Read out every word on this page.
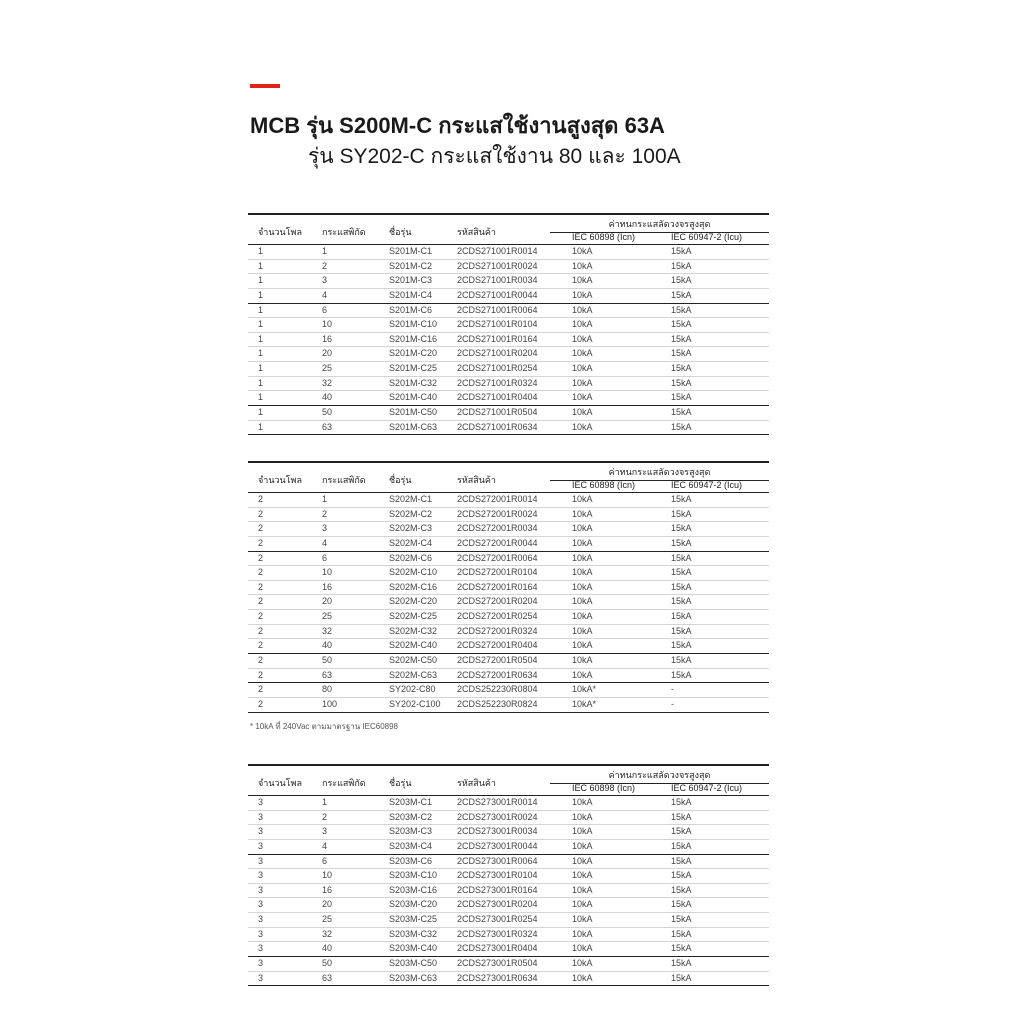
MCB รุ่น S200M-C กระแสใช้งานสูงสุด 63A
รุ่น SY202-C กระแสใช้งาน 80 และ 100A
จำนวนโพล กระแสพิกัด	ชื่อรุ่น	รหัสสินค้า
ค่าทนกระแสลัดวงจรสูงสุด
IEC 60898 (Icn)	IEC 60947-2 (Icu)
1	1	S201M-C1	2CDS271001R0014	10kA	15kA
1	2	S201M-C2	2CDS271001R0024	10kA	15kA
1	3	S201M-C3	2CDS271001R0034	10kA	15kA
1	4	S201M-C4	2CDS271001R0044	10kA	15kA
1	6	S201M-C6	2CDS271001R0064	10kA	15kA
1	10	S201M-C10 2CDS271001R0104	10kA	15kA
1	16	S201M-C16 2CDS271001R0164	10kA	15kA
1	20	S201M-C20 2CDS271001R0204	10kA	15kA
1	25	S201M-C25 2CDS271001R0254	10kA	15kA
1	32	S201M-C32 2CDS271001R0324	10kA	15kA
1	40	S201M-C40 2CDS271001R0404	10kA	15kA
1	50	S201M-C50 2CDS271001R0504	10kA	15kA
1	63	S201M-C63 2CDS271001R0634	10kA	15kA
จำนวนโพล กระแสพิกัด	ชื่อรุ่น	รหัสสินค้า
ค่าทนกระแสลัดวงจรสูงสุด
IEC 60898 (Icn)	IEC 60947-2 (Icu)
2	1	S202M-C1	2CDS272001R0014	10kA	15kA
2	2	S202M-C2	2CDS272001R0024	10kA	15kA
2	3	S202M-C3	2CDS272001R0034	10kA	15kA
2	4	S202M-C4	2CDS272001R0044	10kA	15kA
2	6	S202M-C6	2CDS272001R0064	10kA	15kA
2	10	S202M-C10 2CDS272001R0104	10kA	15kA
2	16	S202M-C16 2CDS272001R0164	10kA	15kA
2	20	S202M-C20 2CDS272001R0204	10kA	15kA
2	25	S202M-C25 2CDS272001R0254	10kA	15kA
2	32	S202M-C32 2CDS272001R0324	10kA	15kA
2	40	S202M-C40 2CDS272001R0404	10kA	15kA
2	50	S202M-C50 2CDS272001R0504	10kA	15kA
2	63	S202M-C63 2CDS272001R0634	10kA	15kA
2	80	SY202-C80 2CDS252230R0804	10kA*	-
2	100	SY202-C100 2CDS252230R0824	10kA*	-
* 10kA ที่ 240Vac ตามมาตรฐาน IEC60898
จำนวนโพล กระแสพิกัด	ชื่อรุ่น	รหัสสินค้า
ค่าทนกระแสลัดวงจรสูงสุด
IEC 60898 (Icn)	IEC 60947-2 (Icu)
3	1	S203M-C1	2CDS273001R0014	10kA	15kA
3	2	S203M-C2	2CDS273001R0024	10kA	15kA
3	3	S203M-C3	2CDS273001R0034	10kA	15kA
3	4	S203M-C4	2CDS273001R0044	10kA	15kA
3	6	S203M-C6	2CDS273001R0064	10kA	15kA
3	10	S203M-C10 2CDS273001R0104	10kA	15kA
3	16	S203M-C16 2CDS273001R0164	10kA	15kA
3	20	S203M-C20 2CDS273001R0204	10kA	15kA
3	25	S203M-C25 2CDS273001R0254	10kA	15kA
3	32	S203M-C32 2CDS273001R0324	10kA	15kA
3	40	S203M-C40 2CDS273001R0404	10kA	15kA
3	50	S203M-C50 2CDS273001R0504	10kA	15kA
3	63	S203M-C63 2CDS273001R0634	10kA	15kA
